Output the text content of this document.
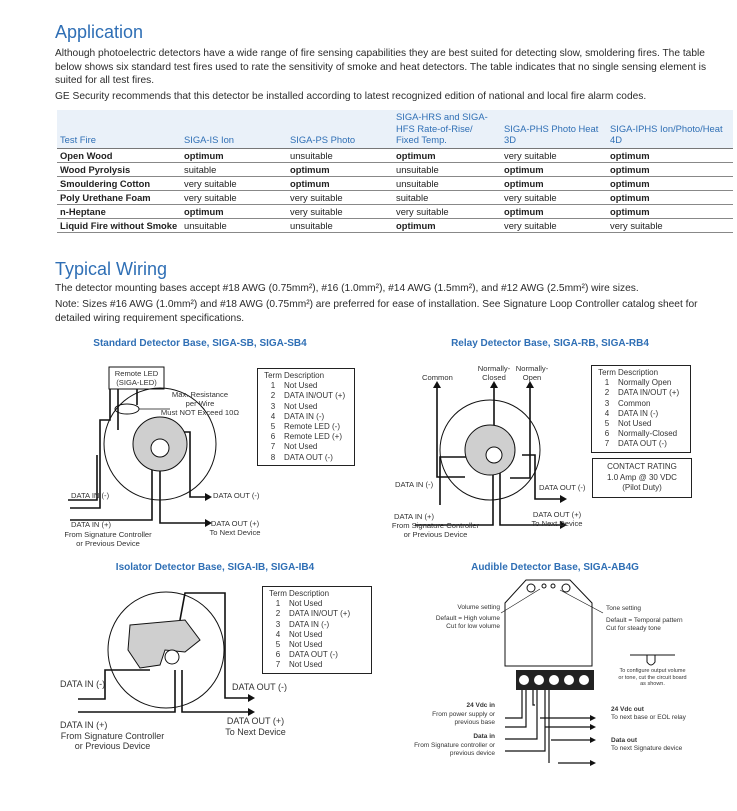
Application

Although photoelectric detectors have a wide range of fire sensing capabilities they are best suited for detecting slow, smoldering fires. The table below shows six standard test fires used to rate the sensitivity of smoke and heat detectors. The table indicates that no single sensing element is suited for all test fires.

GE Security recommends that this detector be installed according to latest recognized edition of national and local fire alarm codes.

Test Fire	SIGA-IS Ion	SIGA-PS Photo	SIGA-HRS and SIGA-HFS Rate-of-Rise/ Fixed Temp.	SIGA-PHS Photo Heat 3D	SIGA-IPHS Ion/Photo/Heat 4D
Open Wood	optimum	unsuitable	optimum	very suitable	optimum
Wood Pyrolysis	suitable	optimum	unsuitable	optimum	optimum
Smouldering Cotton	very suitable	optimum	unsuitable	optimum	optimum
Poly Urethane Foam	very suitable	very suitable	suitable	very suitable	optimum
n-Heptane	optimum	very suitable	very suitable	optimum	optimum
Liquid Fire without Smoke	unsuitable	unsuitable	optimum	very suitable	very suitable
Typical Wiring

The detector mounting bases accept #18 AWG (0.75mm²), #16 (1.0mm²), #14 AWG (1.5mm²), and #12 AWG (2.5mm²) wire sizes.

Note: Sizes #16 AWG (1.0mm²) and #18 AWG (0.75mm²) are preferred for ease of installation. See Signature Loop Controller catalog sheet for detailed wiring requirement specifications.

Standard Detector Base, SIGA-SB, SIGA-SB4
Remote LED
(SIGA-LED)
Max. Resistance
per Wire
Must NOT Exceed 10Ω
DATA IN (-)
DATA IN (+)
From Signature Controller
or Previous Device
DATA OUT (-)
DATA OUT (+)
To Next Device
Term Description
1	Not Used
2	DATA IN/OUT (+)
3	Not Used
4	DATA IN (-)
5	Remote LED (-)
6	Remote LED (+)
7	Not Used
8	DATA OUT (-)
Relay Detector Base, SIGA-RB, SIGA-RB4
Common
Normally-
Closed
Normally-
Open
DATA IN (-)
DATA IN (+)
From Signature Controller
or Previous Device
DATA OUT (-)
DATA OUT (+)
To Next Device
Term Description
1	Normally Open
2	DATA IN/OUT (+)
3	Common
4	DATA IN (-)
5	Not Used
6	Normally-Closed
7	DATA OUT (-)
CONTACT RATING
1.0 Amp @ 30 VDC
(Pilot Duty)
Isolator Detector Base, SIGA-IB, SIGA-IB4
DATA IN (-)
DATA IN (+)
From Signature Controller
or Previous Device
DATA OUT (-)
DATA OUT (+)
To Next Device
Term Description
1	Not Used
2	DATA IN/OUT (+)
3	DATA IN (-)
4	Not Used
5	Not Used
6	DATA OUT (-)
7	Not Used
Audible Detector Base, SIGA-AB4G
Volume setting
Default = High volume
Cut for low volume
Tone setting
Default = Temporal pattern
Cut for steady tone
To configure output volume
or tone, cut the circuit board
as shown.
24 Vdc in
From power supply or
previous base
Data in
From Signature controller or
previous device
24 Vdc out
To next base or EOL relay
Data out
To next Signature device
